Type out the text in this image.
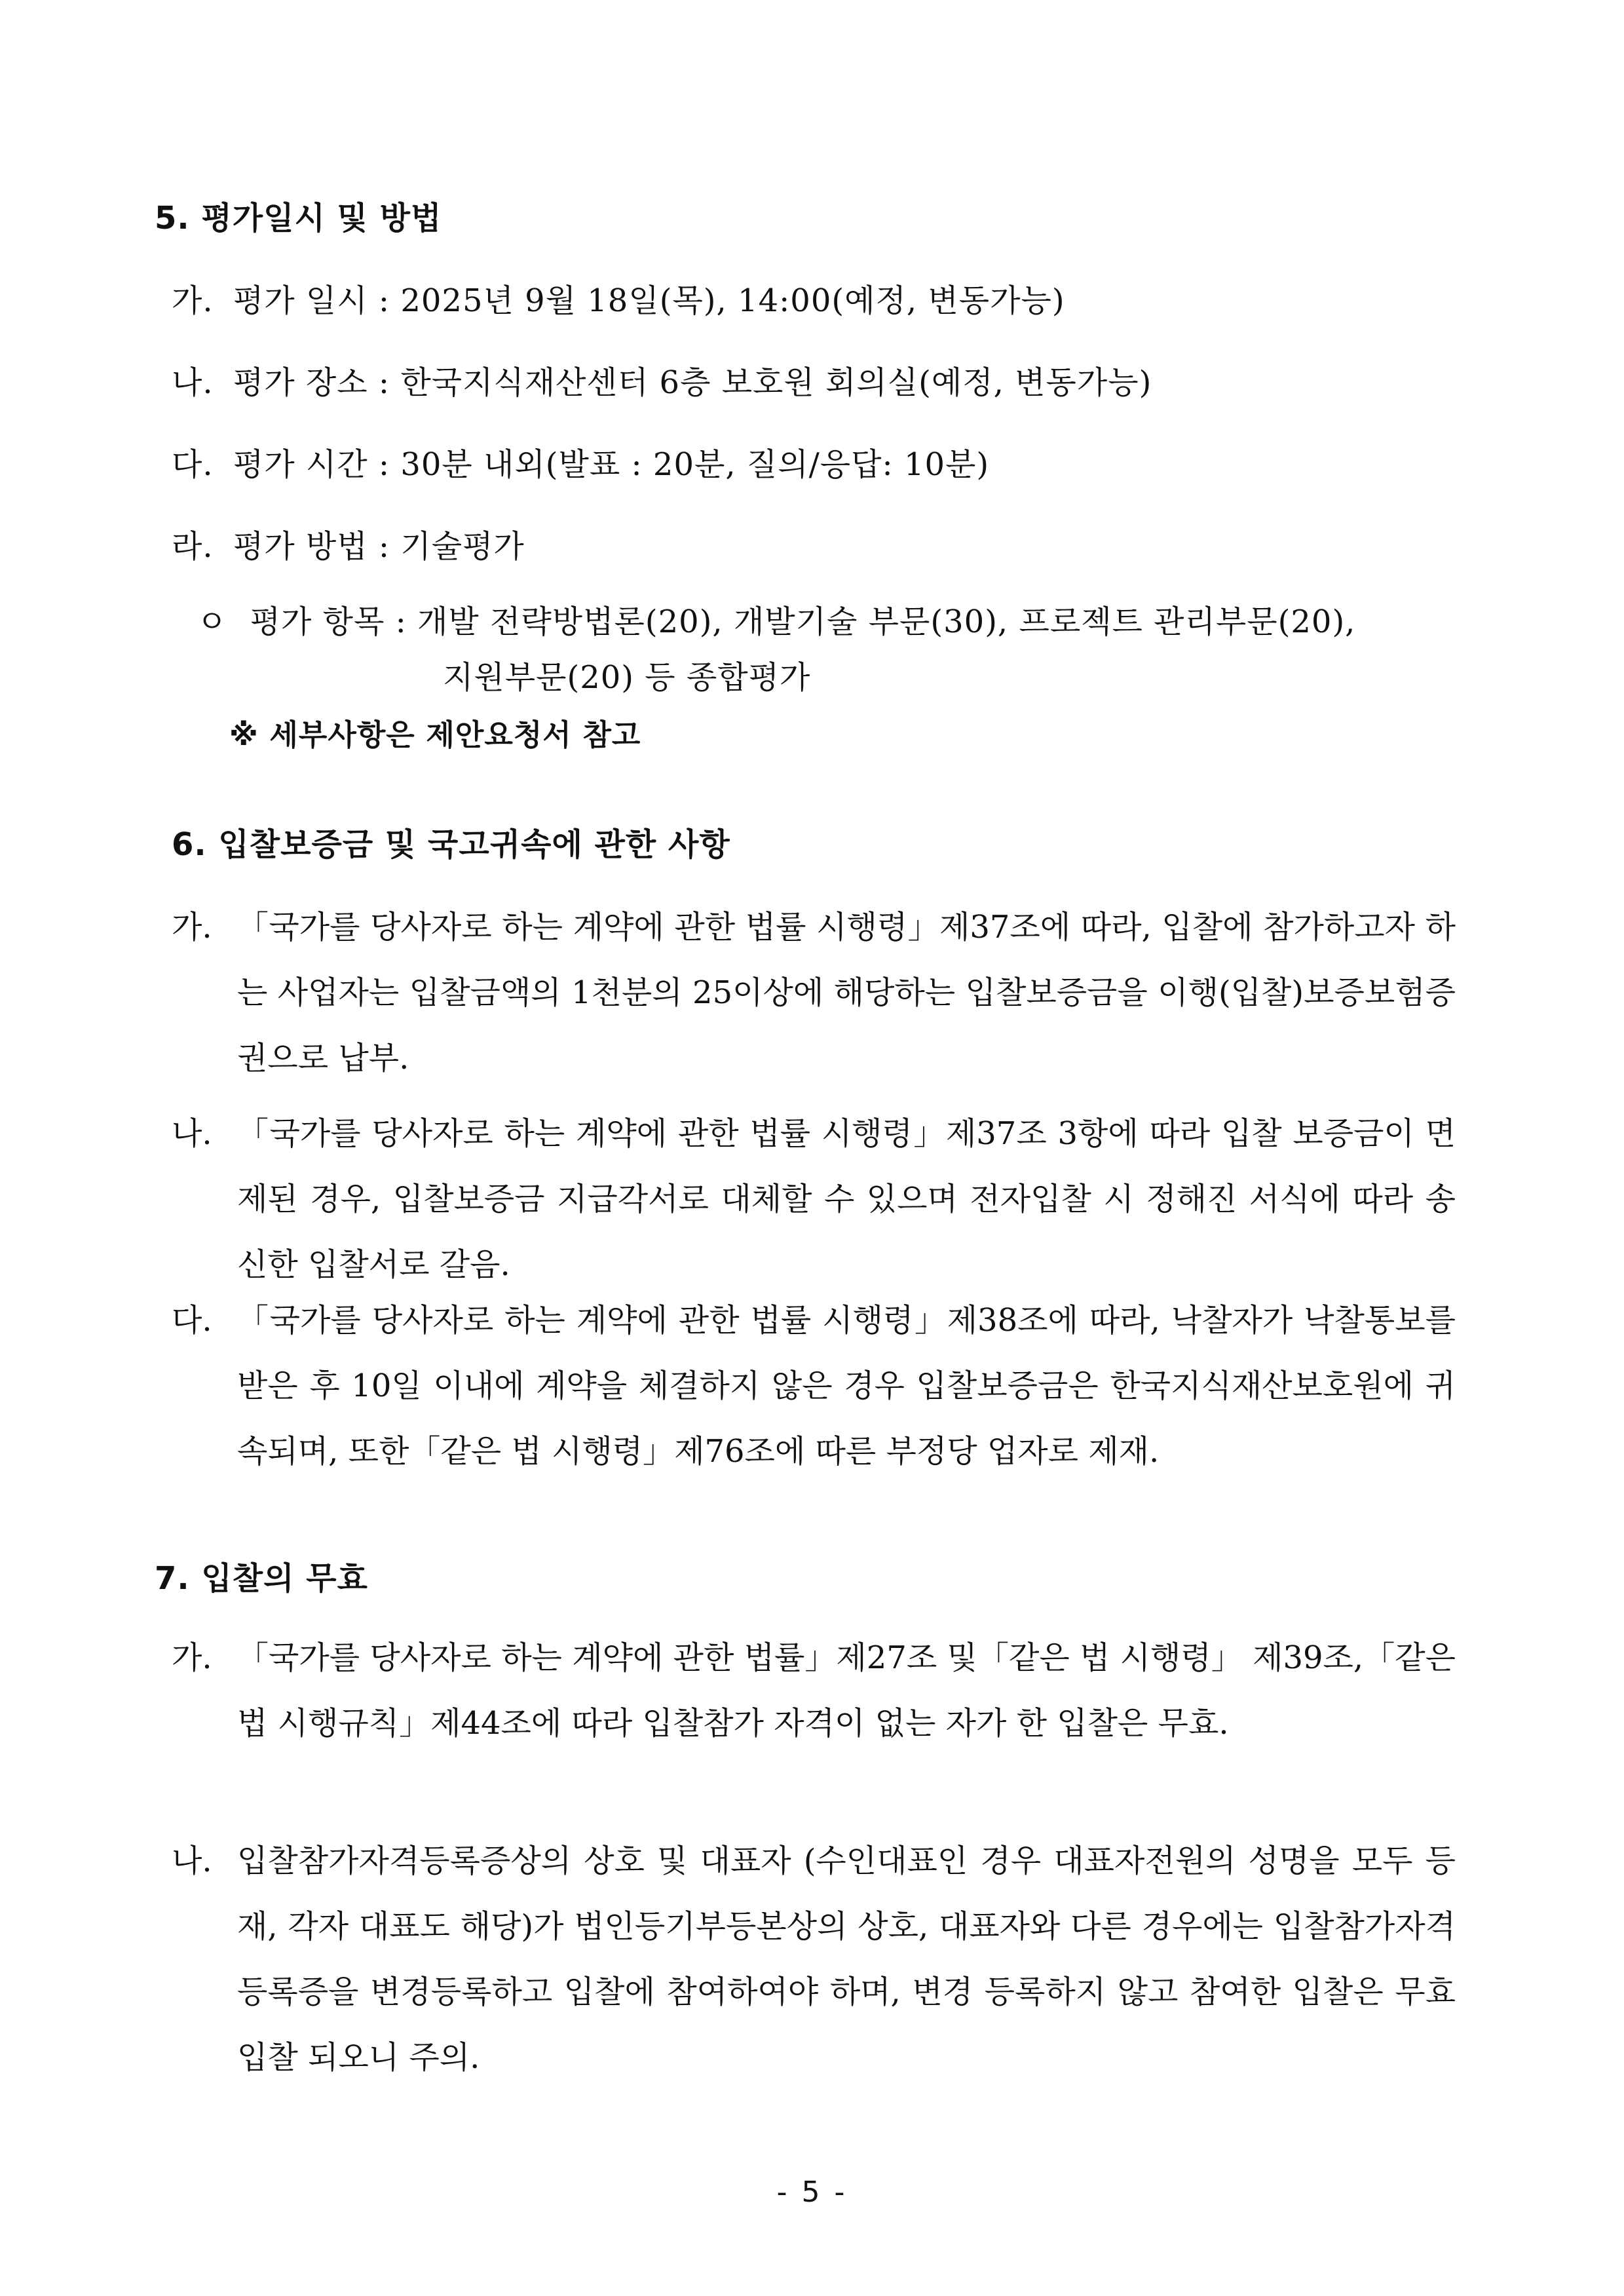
5. 평가일시 및 방법
가. 평가 일시 : 2025년 9월 18일(목), 14:00(예정, 변동가능)
나. 평가 장소 : 한국지식재산센터 6층 보호원 회의실(예정, 변동가능)
다. 평가 시간 : 30분 내외(발표 : 20분, 질의/응답: 10분)
라. 평가 방법 : 기술평가
ㅇ 평가 항목 : 개발 전략방법론(20), 개발기술 부문(30), 프로젝트 관리부문(20),
지원부문(20) 등 종합평가
※ 세부사항은 제안요청서 참고
6. 입찰보증금 및 국고귀속에 관한 사항
가. 「국가를 당사자로 하는 계약에 관한 법률 시행령」제37조에 따라, 입찰에 참가하고자 하는 사업자는 입찰금액의 1천분의 25이상에 해당하는 입찰보증금을 이행(입찰)보증보험증권으로 납부.
나. 「국가를 당사자로 하는 계약에 관한 법률 시행령」제37조 3항에 따라 입찰 보증금이 면제된 경우, 입찰보증금 지급각서로 대체할 수 있으며 전자입찰 시 정해진 서식에 따라 송신한 입찰서로 갈음.
다. 「국가를 당사자로 하는 계약에 관한 법률 시행령」제38조에 따라, 낙찰자가 낙찰통보를 받은 후 10일 이내에 계약을 체결하지 않은 경우 입찰보증금은 한국지식재산보호원에 귀속되며, 또한「같은 법 시행령」제76조에 따른 부정당 업자로 제재.
7. 입찰의 무효
가. 「국가를 당사자로 하는 계약에 관한 법률」제27조 및「같은 법 시행령」 제39조,「같은 법 시행규칙」제44조에 따라 입찰참가 자격이 없는 자가 한 입찰은 무효.
나. 입찰참가자격등록증상의 상호 및 대표자 (수인대표인 경우 대표자전원의 성명을 모두 등재, 각자 대표도 해당)가 법인등기부등본상의 상호, 대표자와 다른 경우에는 입찰참가자격등록증을 변경등록하고 입찰에 참여하여야 하며, 변경 등록하지 않고 참여한 입찰은 무효입찰 되오니 주의.
- 5 -
